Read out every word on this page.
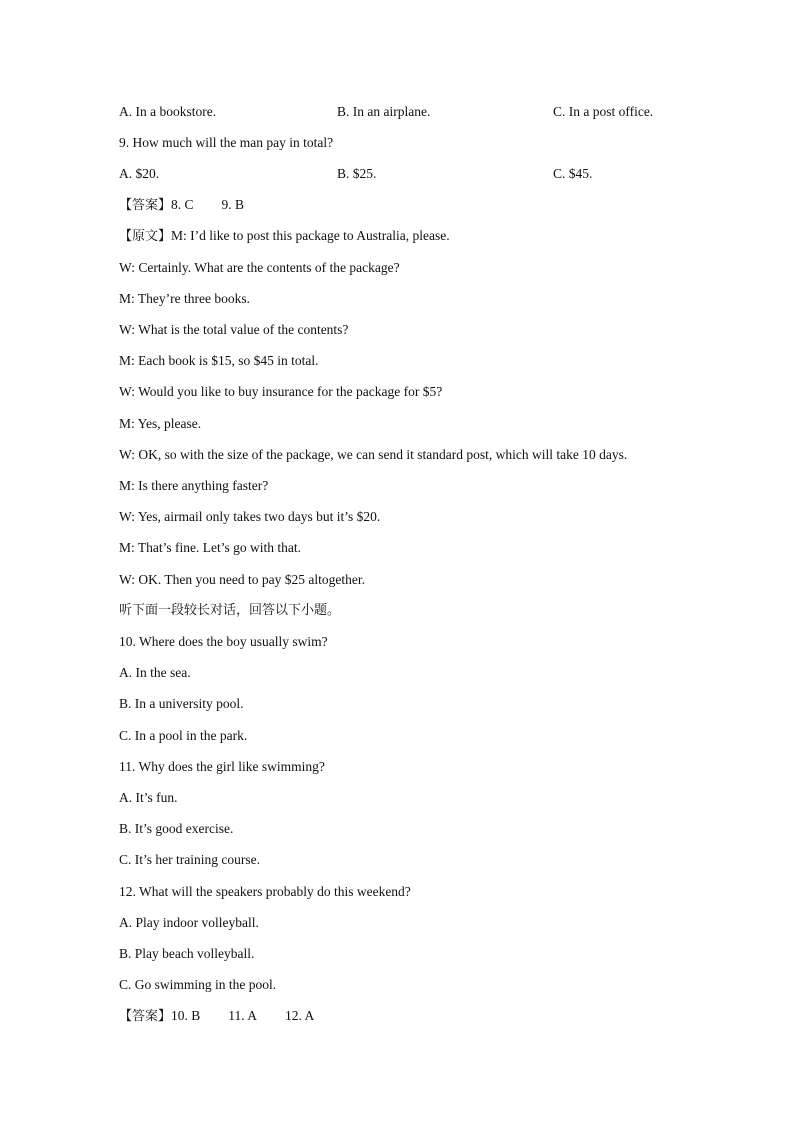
A. In a bookstore.	B. In an airplane.	C. In a post office.
9. How much will the man pay in total?
A. $20.	B. $25.	C. $45.
【答案】8. C 9. B
【原文】M: I’d like to post this package to Australia, please.
W: Certainly. What are the contents of the package?
M: They’re three books.
W: What is the total value of the contents?
M: Each book is $15, so $45 in total.
W: Would you like to buy insurance for the package for $5?
M: Yes, please.
W: OK, so with the size of the package, we can send it standard post, which will take 10 days.
M: Is there anything faster?
W: Yes, airmail only takes two days but it’s $20.
M: That’s fine. Let’s go with that.
W: OK. Then you need to pay $25 altogether.
听下面一段较长对话，回答以下小题。
10. Where does the boy usually swim?
A. In the sea.
B. In a university pool.
C. In a pool in the park.
11. Why does the girl like swimming?
A. It’s fun.
B. It’s good exercise.
C. It’s her training course.
12. What will the speakers probably do this weekend?
A. Play indoor volleyball.
B. Play beach volleyball.
C. Go swimming in the pool.
【答案】10. B 11. A 12. A
